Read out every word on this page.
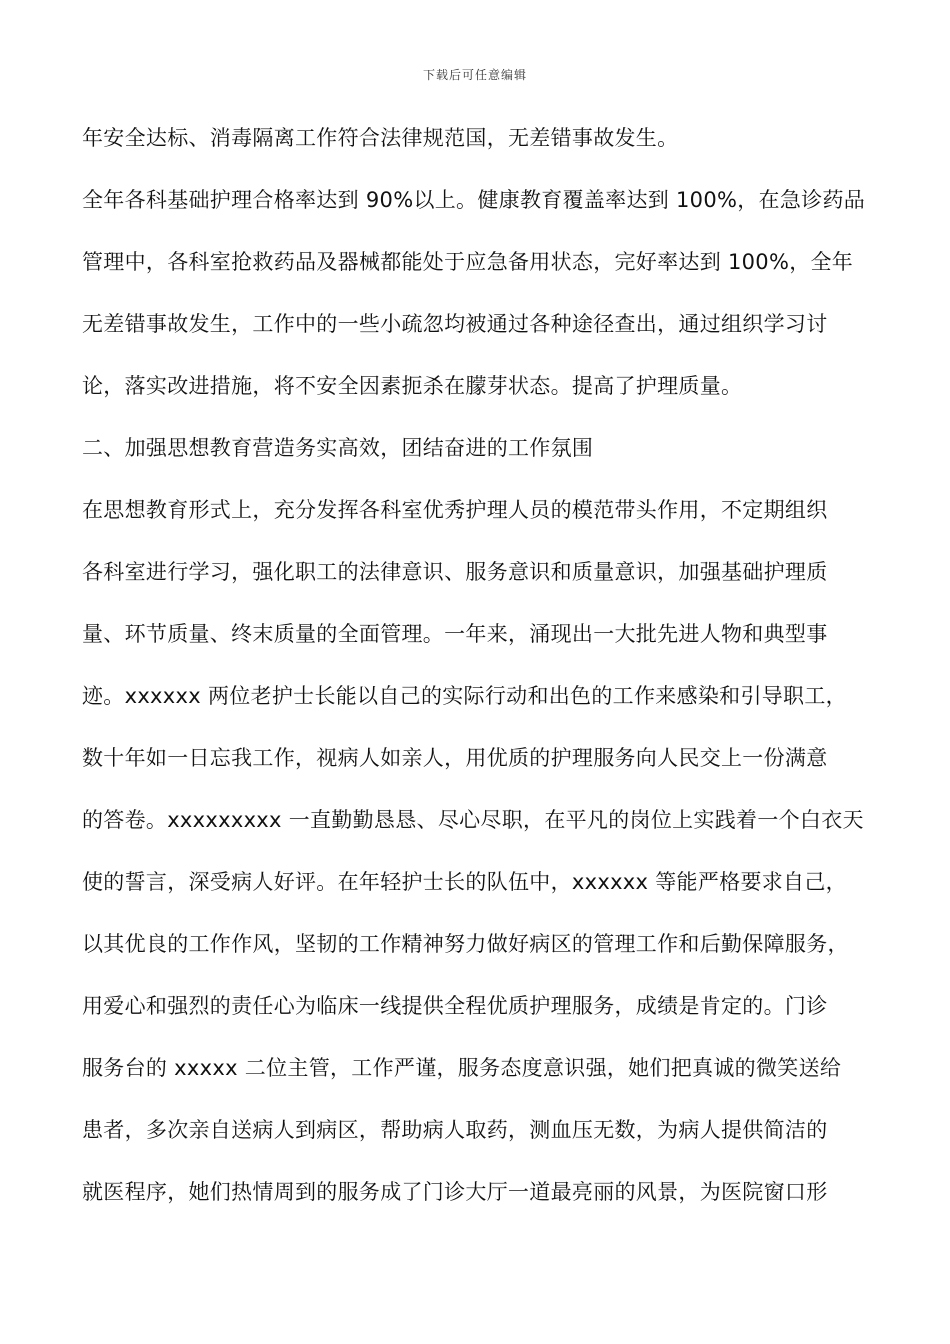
下载后可任意编辑
年安全达标、消毒隔离工作符合法律规范国，无差错事故发生。
全年各科基础护理合格率达到 90%以上。健康教育覆盖率达到 100%，在急诊药品
管理中，各科室抢救药品及器械都能处于应急备用状态，完好率达到 100%，全年
无差错事故发生，工作中的一些小疏忽均被通过各种途径查出，通过组织学习讨
论，落实改进措施，将不安全因素扼杀在朦芽状态。提高了护理质量。
二、加强思想教育营造务实高效，团结奋进的工作氛围
在思想教育形式上，充分发挥各科室优秀护理人员的模范带头作用，不定期组织
各科室进行学习，强化职工的法律意识、服务意识和质量意识，加强基础护理质
量、环节质量、终末质量的全面管理。一年来，涌现出一大批先进人物和典型事
迹。xxxxxx 两位老护士长能以自己的实际行动和出色的工作来感染和引导职工，
数十年如一日忘我工作，视病人如亲人，用优质的护理服务向人民交上一份满意
的答卷。xxxxxxxxx 一直勤勤恳恳、尽心尽职，在平凡的岗位上实践着一个白衣天
使的誓言，深受病人好评。在年轻护士长的队伍中，xxxxxx 等能严格要求自己，
以其优良的工作作风，坚韧的工作精神努力做好病区的管理工作和后勤保障服务，
用爱心和强烈的责任心为临床一线提供全程优质护理服务，成绩是肯定的。门诊
服务台的 xxxxx 二位主管，工作严谨，服务态度意识强，她们把真诚的微笑送给
患者，多次亲自送病人到病区，帮助病人取药，测血压无数，为病人提供简洁的
就医程序，她们热情周到的服务成了门诊大厅一道最亮丽的风景，为医院窗口形
